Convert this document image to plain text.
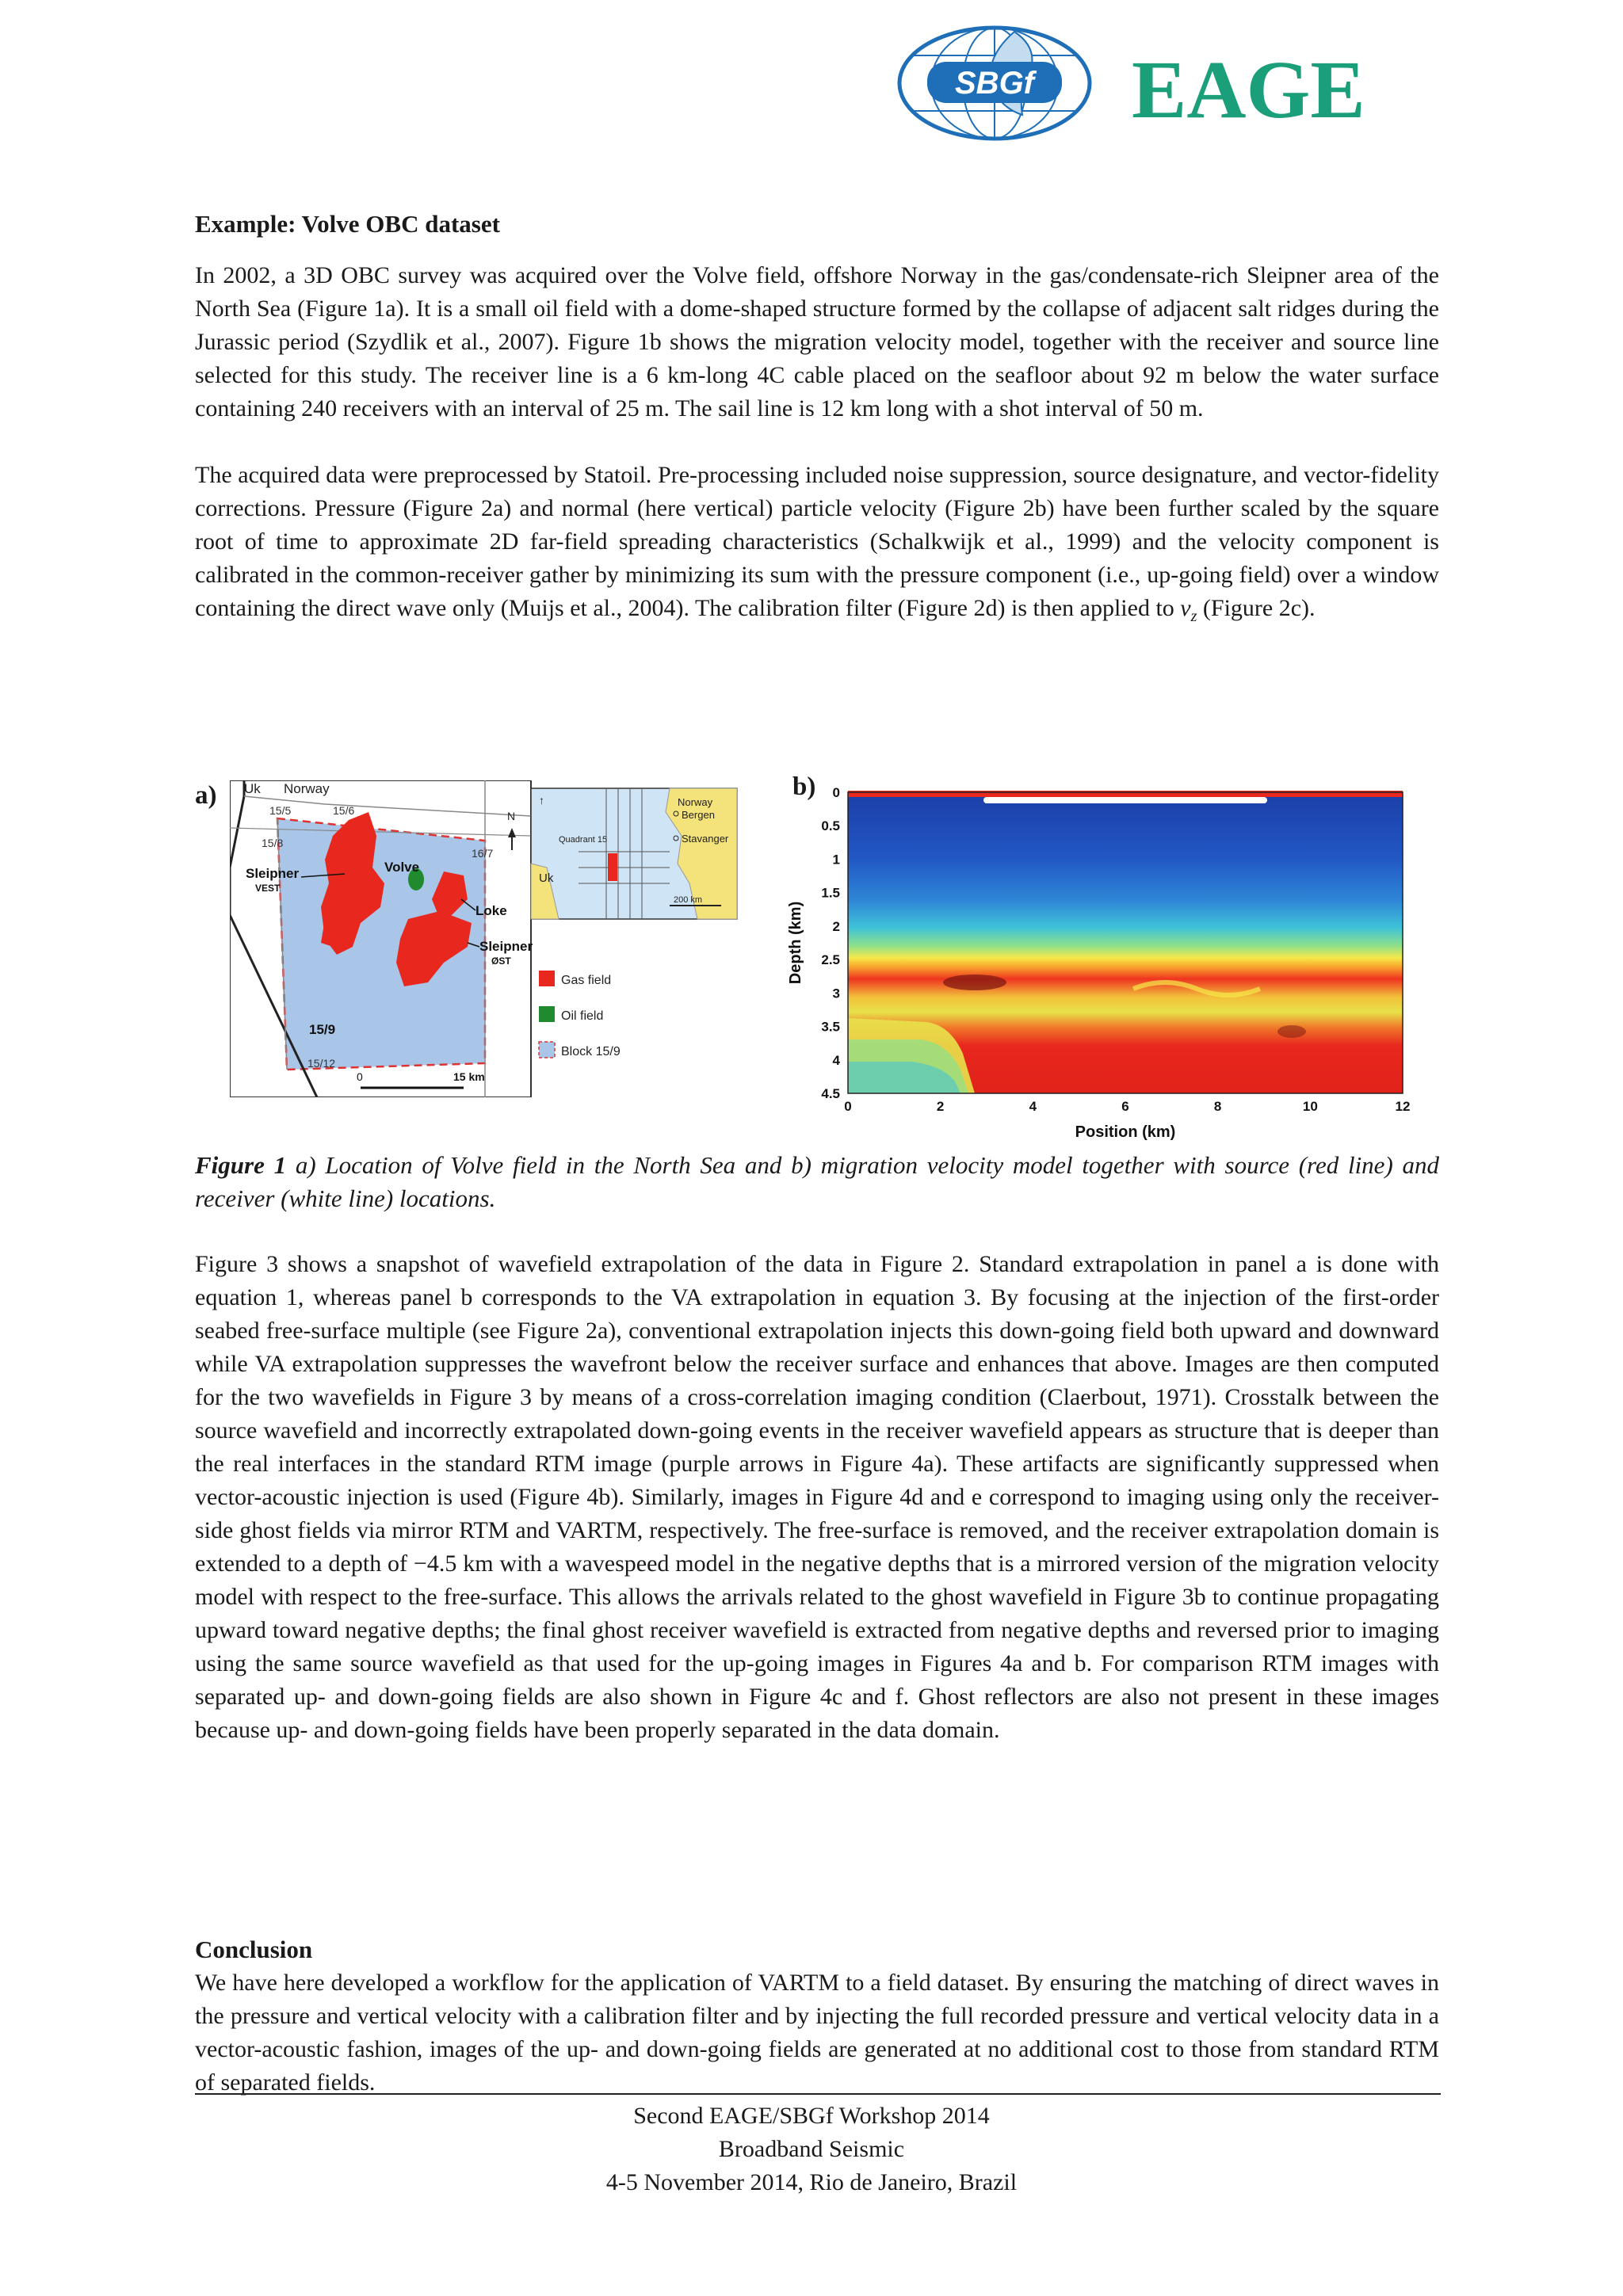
SBGf EAGE
Example: Volve OBC dataset

In 2002, a 3D OBC survey was acquired over the Volve field, offshore Norway in the gas/condensate-rich Sleipner area of the North Sea (Figure 1a). It is a small oil field with a dome-shaped structure formed by the collapse of adjacent salt ridges during the Jurassic period (Szydlik et al., 2007). Figure 1b shows the migration velocity model, together with the receiver and source line selected for this study. The receiver line is a 6 km-long 4C cable placed on the seafloor about 92 m below the water surface containing 240 receivers with an interval of 25 m. The sail line is 12 km long with a shot interval of 50 m.

The acquired data were preprocessed by Statoil. Pre-processing included noise suppression, source designature, and vector-fidelity corrections. Pressure (Figure 2a) and normal (here vertical) particle velocity (Figure 2b) have been further scaled by the square root of time to approximate 2D far-field spreading characteristics (Schalkwijk et al., 1999) and the velocity component is calibrated in the common-receiver gather by minimizing its sum with the pressure component (i.e., up-going field) over a window containing the direct wave only (Muijs et al., 2004). The calibration filter (Figure 2d) is then applied to $v_z$ (Figure 2c).

a) Uk Norway
15/5	15/6
15/8
16/7
N
Sleipner
VEST
Volve
Loke
Sleipner
ØST
15/9
15/12
0	15 km
↑	Norway
Bergen
Stavanger
Quadrant 15
Uk
200 km
Gas field
Oil field
Block 15/9
b) 0
0.5
1
1.5
2
2.5
3
3.5
4
4.5
0	2	4	6	8	10	12
Depth (km)
Position (km)
Figure 1 a) Location of Volve field in the North Sea and b) migration velocity model together with source (red line) and receiver (white line) locations.

Figure 3 shows a snapshot of wavefield extrapolation of the data in Figure 2. Standard extrapolation in panel a is done with equation 1, whereas panel b corresponds to the VA extrapolation in equation 3. By focusing at the injection of the first-order seabed free-surface multiple (see Figure 2a), conventional extrapolation injects this down-going field both upward and downward while VA extrapolation suppresses the wavefront below the receiver surface and enhances that above. Images are then computed for the two wavefields in Figure 3 by means of a cross-correlation imaging condition (Claerbout, 1971). Crosstalk between the source wavefield and incorrectly extrapolated down-going events in the receiver wavefield appears as structure that is deeper than the real interfaces in the standard RTM image (purple arrows in Figure 4a). These artifacts are significantly suppressed when vector-acoustic injection is used (Figure 4b). Similarly, images in Figure 4d and e correspond to imaging using only the receiver-side ghost fields via mirror RTM and VARTM, respectively. The free-surface is removed, and the receiver extrapolation domain is extended to a depth of −4.5 km with a wavespeed model in the negative depths that is a mirrored version of the migration velocity model with respect to the free-surface. This allows the arrivals related to the ghost wavefield in Figure 3b to continue propagating upward toward negative depths; the final ghost receiver wavefield is extracted from negative depths and reversed prior to imaging using the same source wavefield as that used for the up-going images in Figures 4a and b. For comparison RTM images with separated up- and down-going fields are also shown in Figure 4c and f. Ghost reflectors are also not present in these images because up- and down-going fields have been properly separated in the data domain.

Conclusion

We have here developed a workflow for the application of VARTM to a field dataset. By ensuring the matching of direct waves in the pressure and vertical velocity with a calibration filter and by injecting the full recorded pressure and vertical velocity data in a vector-acoustic fashion, images of the up- and down-going fields are generated at no additional cost to those from standard RTM of separated fields.

Second EAGE/SBGf Workshop 2014
Broadband Seismic
4-5 November 2014, Rio de Janeiro, Brazil
